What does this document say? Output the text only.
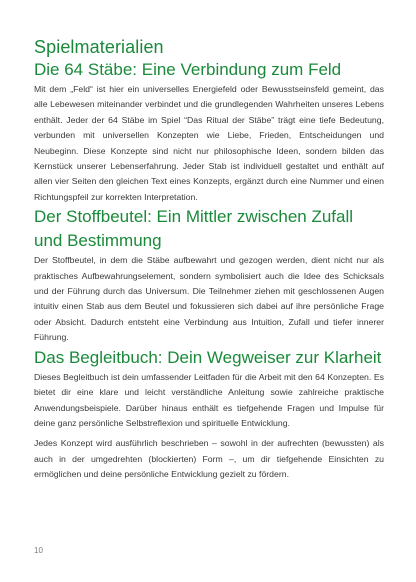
Spielmaterialien
Die 64 Stäbe: Eine Verbindung zum Feld

Mit dem „Feld“ ist hier ein universelles Energiefeld oder Bewusstseinsfeld gemeint, das alle Lebewesen miteinander verbindet und die grundlegenden Wahrheiten unseres Lebens enthält. Jeder der 64 Stäbe im Spiel “Das Ritual der Stäbe” trägt eine tiefe Bedeutung, verbunden mit universellen Konzepten wie Liebe, Frieden, Entscheidungen und Neubeginn. Diese Konzepte sind nicht nur philosophische Ideen, sondern bilden das Kernstück unserer Lebenserfahrung. Jeder Stab ist individuell gestaltet und enthält auf allen vier Seiten den gleichen Text eines Konzepts, ergänzt durch eine Nummer und einen Richtungspfeil zur korrekten Interpretation.

Der Stoffbeutel: Ein Mittler zwischen Zufall und Bestimmung

Der Stoffbeutel, in dem die Stäbe aufbewahrt und gezogen werden, dient nicht nur als praktisches Aufbewahrungselement, sondern symbolisiert auch die Idee des Schicksals und der Führung durch das Universum. Die Teilnehmer ziehen mit geschlossenen Augen intuitiv einen Stab aus dem Beutel und fokussieren sich dabei auf ihre persönliche Frage oder Absicht. Dadurch entsteht eine Verbindung aus Intuition, Zufall und tiefer innerer Führung.

Das Begleitbuch: Dein Wegweiser zur Klarheit

Dieses Begleitbuch ist dein umfassender Leitfaden für die Arbeit mit den 64 Konzepten. Es bietet dir eine klare und leicht verständliche Anleitung sowie zahlreiche praktische Anwendungsbeispiele. Darüber hinaus enthält es tiefgehende Fragen und Impulse für deine ganz persönliche Selbstreflexion und spirituelle Entwicklung.

Jedes Konzept wird ausführlich beschrieben – sowohl in der aufrechten (bewussten) als auch in der umgedrehten (blockierten) Form –, um dir tiefgehende Einsichten zu ermöglichen und deine persönliche Entwicklung gezielt zu fördern.

10
